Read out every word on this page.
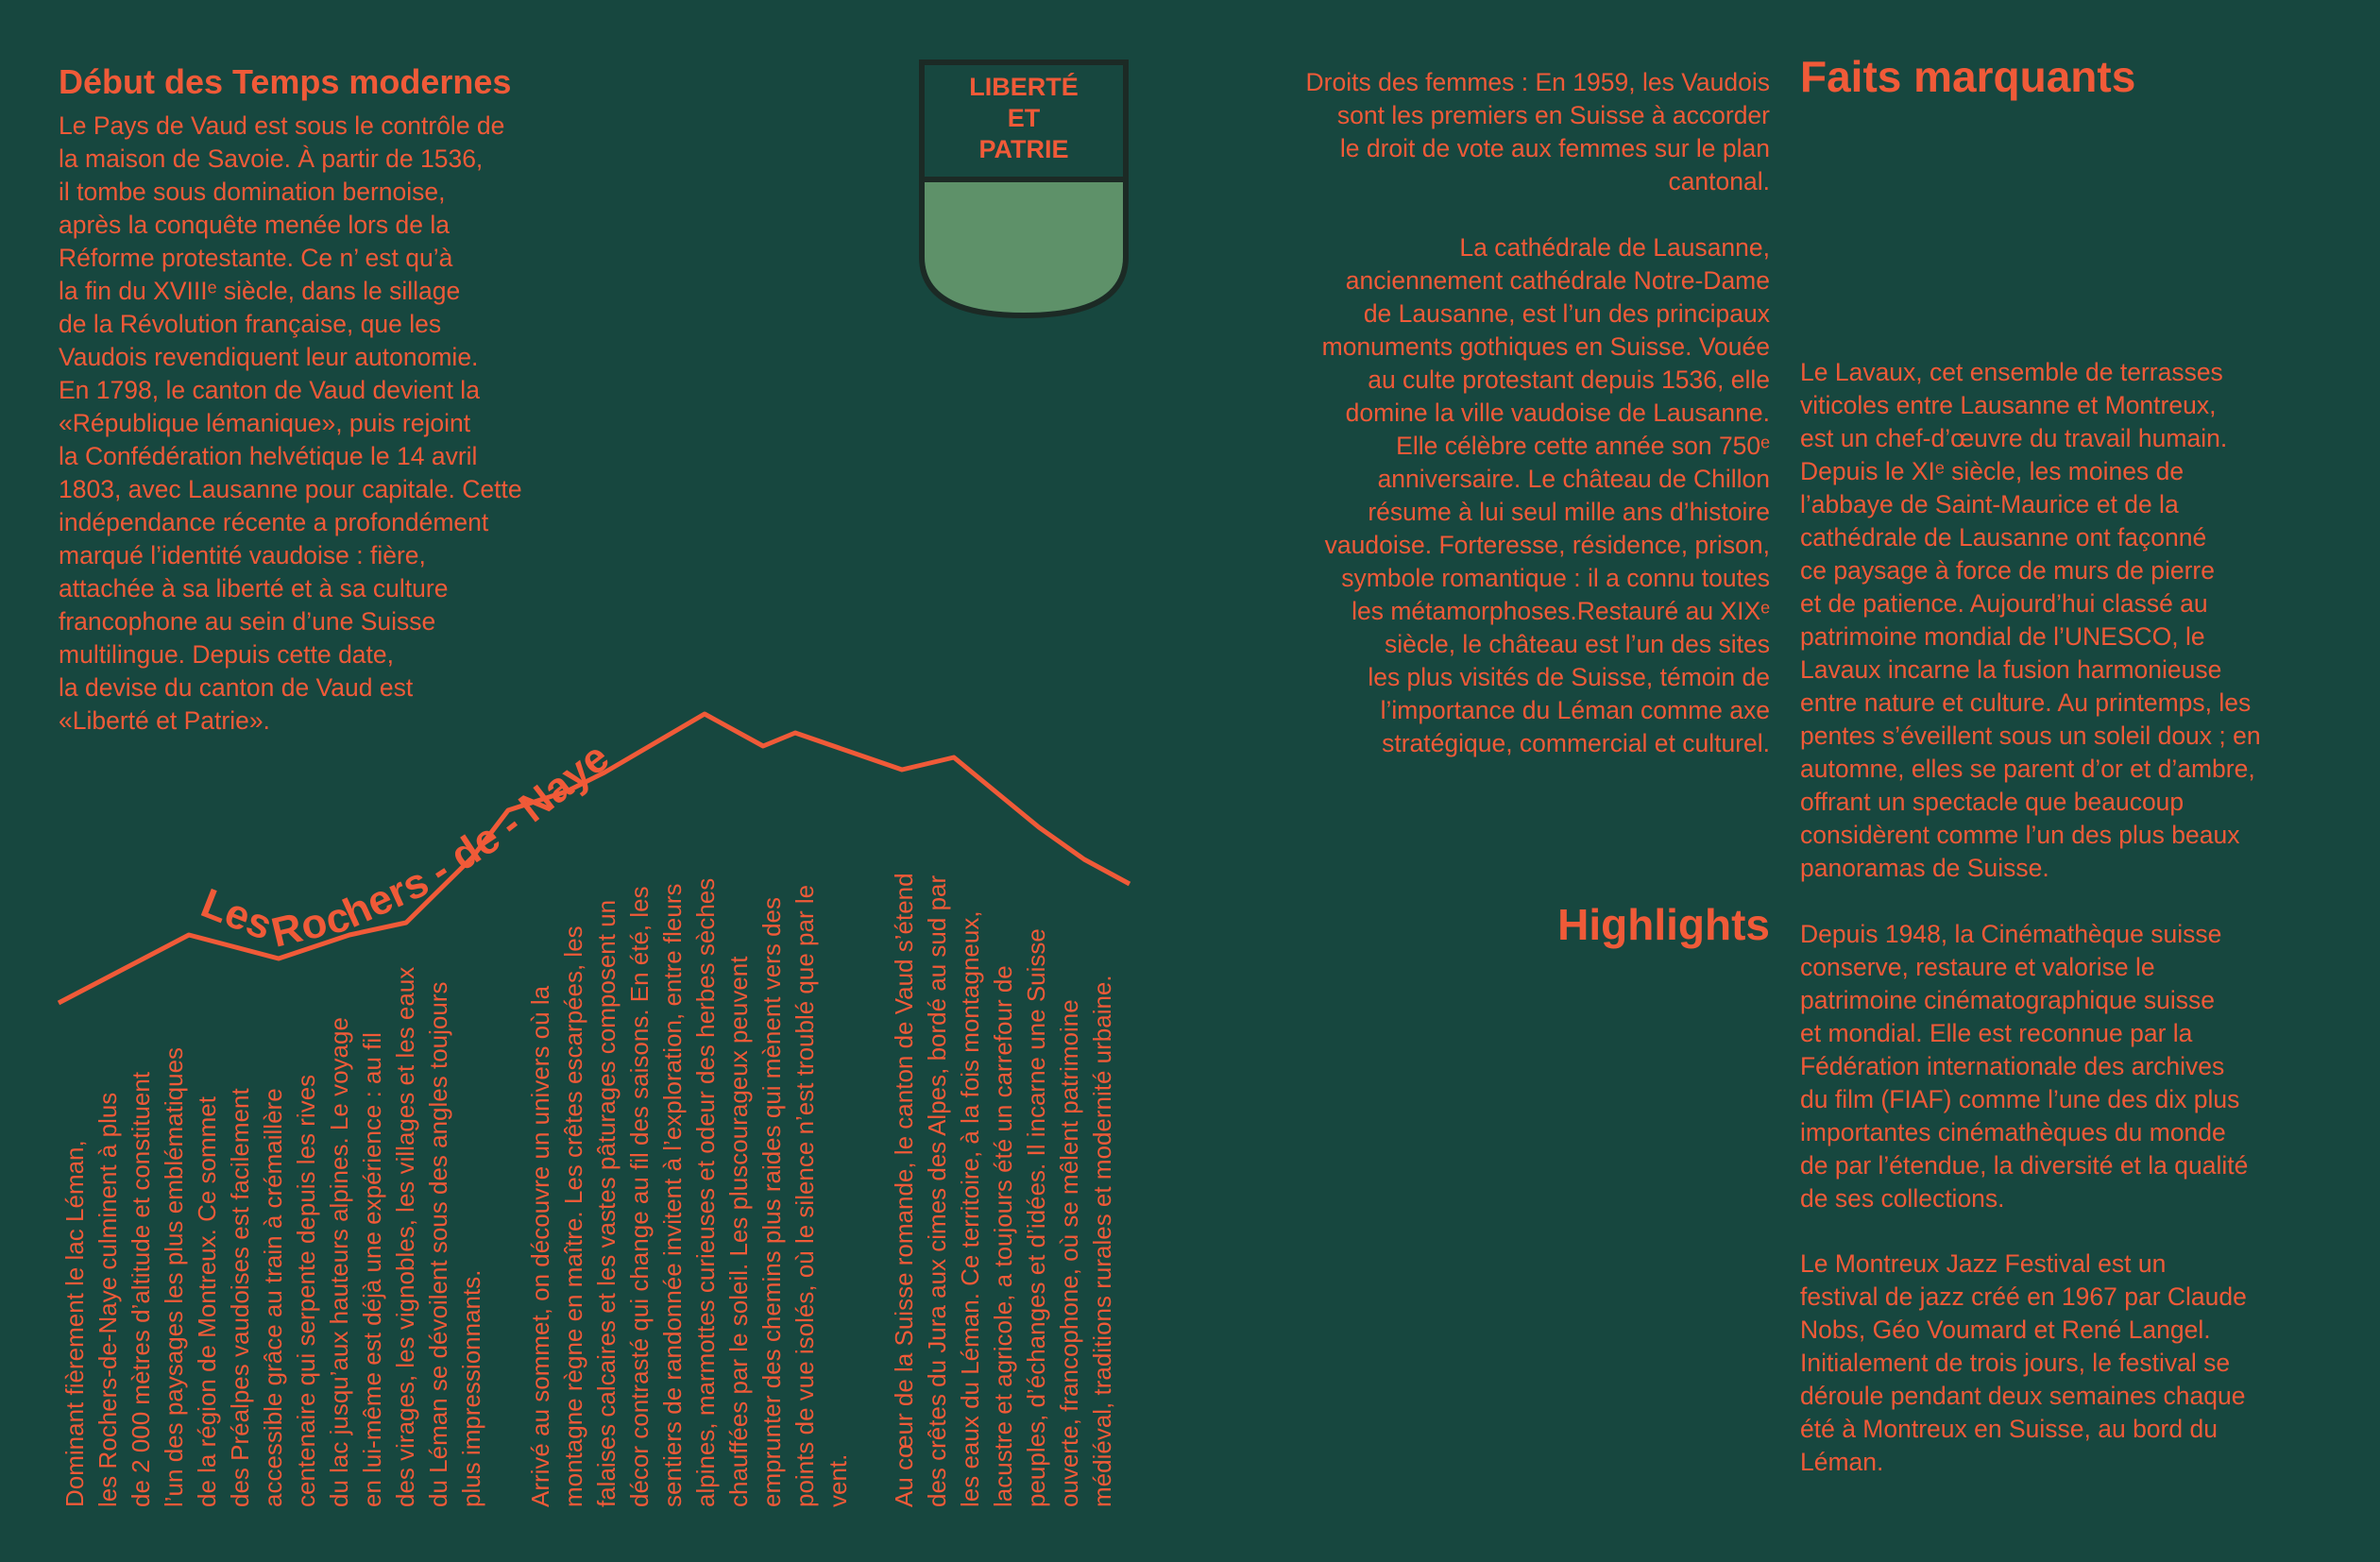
Début des Temps modernes

Le Pays de Vaud est sous le contrôle de
la maison de Savoie. À partir de 1536,
il tombe sous domination bernoise,
après la conquête menée lors de la
Réforme protestante. Ce n’ est qu’à
la fin du XVIIIᵉ siècle, dans le sillage
de la Révolution française, que les
Vaudois revendiquent leur autonomie.
En 1798, le canton de Vaud devient la
«République lémanique», puis rejoint
la Confédération helvétique le 14 avril
1803, avec Lausanne pour capitale. Cette
indépendance récente a profondément
marqué l’identité vaudoise : fière,
attachée à sa liberté et à sa culture
francophone au sein d’une Suisse
multilingue. Depuis cette date,
la devise du canton de Vaud est
«Liberté et Patrie».

LIBERTÉ
ET
PATRIE
Les Rochers - de - Naye
Dominant fièrement le lac Léman,
les Rochers-de-Naye culminent à plus
de 2 000 mètres d’altitude et constituent
l’un des paysages les plus emblématiques
de la région de Montreux. Ce sommet
des Préalpes vaudoises est facilement
accessible grâce au train à crémaillère
centenaire qui serpente depuis les rives
du lac jusqu’aux hauteurs alpines. Le voyage
en lui-même est déjà une expérience : au fil
des virages, les vignobles, les villages et les eaux
du Léman se dévoilent sous des angles toujours
plus impressionnants.
Arrivé au sommet, on découvre un univers où la
montagne règne en maître. Les crêtes escarpées, les
falaises calcaires et les vastes pâturages composent un
décor contrasté qui change au fil des saisons. En été, les
sentiers de randonnée invitent à l’exploration, entre fleurs
alpines, marmottes curieuses et odeur des herbes sèches
chauffées par le soleil. Les pluscourageux peuvent
emprunter des chemins plus raides qui mènent vers des
points de vue isolés, où le silence n’est troublé que par le
vent. Au cœur de la Suisse romande, le canton de Vaud s’étend
des crêtes du Jura aux cimes des Alpes, bordé au sud par
les eaux du Léman. Ce territoire, à la fois montagneux,
lacustre et agricole, a toujours été un carrefour de
peuples, d’échanges et d’idées. Il incarne une Suisse
ouverte, francophone, où se mêlent patrimoine
médiéval, traditions rurales et modernité urbaine.

Droits des femmes : En 1959, les Vaudois
sont les premiers en Suisse à accorder
le droit de vote aux femmes sur le plan
cantonal.

La cathédrale de Lausanne,
anciennement cathédrale Notre-Dame
de Lausanne, est l’un des principaux
monuments gothiques en Suisse. Vouée
au culte protestant depuis 1536, elle
domine la ville vaudoise de Lausanne.
Elle célèbre cette année son 750ᵉ
anniversaire. Le château de Chillon
résume à lui seul mille ans d’histoire
vaudoise. Forteresse, résidence, prison,
symbole romantique : il a connu toutes
les métamorphoses.Restauré au XIXᵉ
siècle, le château est l’un des sites
les plus visités de Suisse, témoin de
l’importance du Léman comme axe
stratégique, commercial et culturel.

Highlights
Faits marquants

Le Lavaux, cet ensemble de terrasses
viticoles entre Lausanne et Montreux,
est un chef-d’œuvre du travail humain.
Depuis le XIᵉ siècle, les moines de
l’abbaye de Saint-Maurice et de la
cathédrale de Lausanne ont façonné
ce paysage à force de murs de pierre
et de patience. Aujourd’hui classé au
patrimoine mondial de l’UNESCO, le
Lavaux incarne la fusion harmonieuse
entre nature et culture. Au printemps, les
pentes s’éveillent sous un soleil doux ; en
automne, elles se parent d’or et d’ambre,
offrant un spectacle que beaucoup
considèrent comme l’un des plus beaux
panoramas de Suisse.

Depuis 1948, la Cinémathèque suisse
conserve, restaure et valorise le
patrimoine cinématographique suisse
et mondial. Elle est reconnue par la
Fédération internationale des archives
du film (FIAF) comme l’une des dix plus
importantes cinémathèques du monde
de par l’étendue, la diversité et la qualité
de ses collections.

Le Montreux Jazz Festival est un
festival de jazz créé en 1967 par Claude
Nobs, Géo Voumard et René Langel.
Initialement de trois jours, le festival se
déroule pendant deux semaines chaque
été à Montreux en Suisse, au bord du
Léman.
